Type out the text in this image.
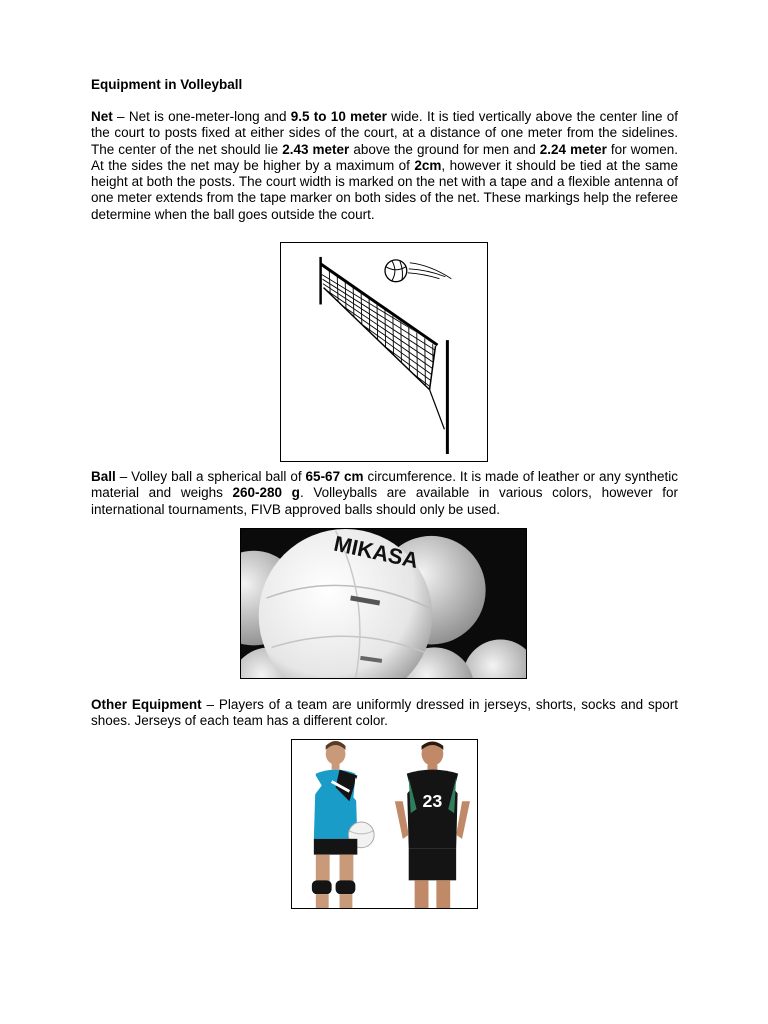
Equipment in Volleyball

Net – Net is one-meter-long and 9.5 to 10 meter wide. It is tied vertically above the center line of the court to posts fixed at either sides of the court, at a distance of one meter from the sidelines. The center of the net should lie 2.43 meter above the ground for men and 2.24 meter for women. At the sides the net may be higher by a maximum of 2cm, however it should be tied at the same height at both the posts. The court width is marked on the net with a tape and a flexible antenna of one meter extends from the tape marker on both sides of the net. These markings help the referee determine when the ball goes outside the court.

Ball – Volley ball a spherical ball of 65-67 cm circumference. It is made of leather or any synthetic material and weighs 260-280 g. Volleyballs are available in various colors, however for international tournaments, FIVB approved balls should only be used.

MIKASA

Other Equipment – Players of a team are uniformly dressed in jerseys, shorts, socks and sport shoes. Jerseys of each team has a different color.

23
